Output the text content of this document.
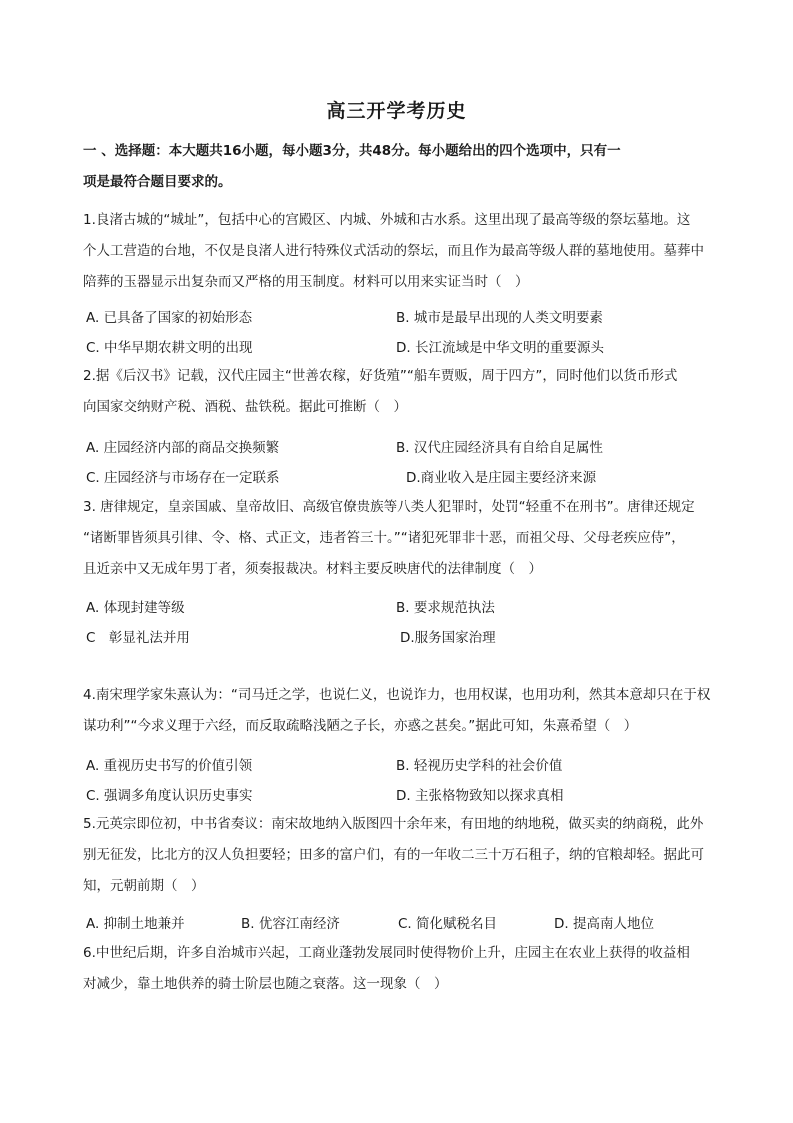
高三开学考历史
一 、选择题：本大题共16小题，每小题3分，共48分。每小题给出的四个选项中，只有一
项是最符合题目要求的。
1.良渚古城的“城址”，包括中心的宫殿区、内城、外城和古水系。这里出现了最高等级的祭坛墓地。这
个人工营造的台地，不仅是良渚人进行特殊仪式活动的祭坛，而且作为最高等级人群的墓地使用。墓葬中
陪葬的玉器显示出复杂而又严格的用玉制度。材料可以用来实证当时（　）
A. 已具备了国家的初始形态	B. 城市是最早出现的人类文明要素
C. 中华早期农耕文明的出现	D. 长江流域是中华文明的重要源头
2.据《后汉书》记载，汉代庄园主“世善农稼，好货殖”“船车贾贩，周于四方”，同时他们以货币形式
向国家交纳财产税、酒税、盐铁税。据此可推断（　）
A. 庄园经济内部的商品交换频繁	B. 汉代庄园经济具有自给自足属性
C. 庄园经济与市场存在一定联系	D.商业收入是庄园主要经济来源
3. 唐律规定，皇亲国戚、皇帝故旧、高级官僚贵族等八类人犯罪时，处罚“轻重不在刑书”。唐律还规定
“诸断罪皆须具引律、令、格、式正文，违者笞三十。”“诸犯死罪非十恶，而祖父母、父母老疾应侍”，
且近亲中又无成年男丁者，须奏报裁决。材料主要反映唐代的法律制度（　）
A. 体现封建等级	B. 要求规范执法
C　彰显礼法并用	D.服务国家治理
4.南宋理学家朱熹认为：“司马迁之学，也说仁义，也说诈力，也用权谋，也用功利，然其本意却只在于权
谋功利”“今求义理于六经，而反取疏略浅陋之子长，亦惑之甚矣。”据此可知，朱熹希望（　）
A. 重视历史书写的价值引领	B. 轻视历史学科的社会价值
C. 强调多角度认识历史事实	D. 主张格物致知以探求真相
5.元英宗即位初，中书省奏议：南宋故地纳入版图四十余年来，有田地的纳地税，做买卖的纳商税，此外
别无征发，比北方的汉人负担要轻；田多的富户们，有的一年收二三十万石租子，纳的官粮却轻。据此可
知，元朝前期（　）
A. 抑制土地兼并	B. 优容江南经济	C. 简化赋税名目	D. 提高南人地位
6.中世纪后期，许多自治城市兴起，工商业蓬勃发展同时使得物价上升，庄园主在农业上获得的收益相
对减少，靠土地供养的骑士阶层也随之衰落。这一现象（　）
